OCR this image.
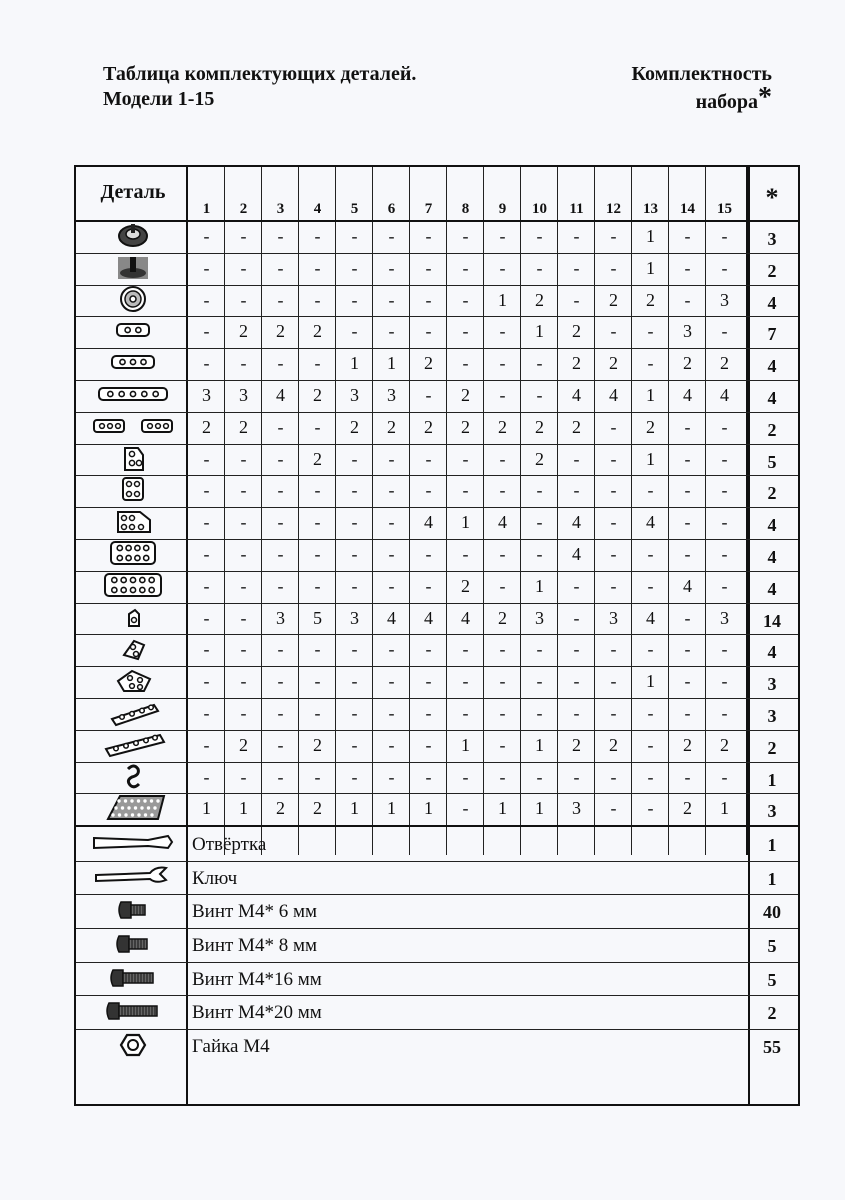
Таблица комплектующих деталей.
Модели 1-15
Комплектность
набора*
Деталь	*
1	2	3	4	5	6	7	8	9	10	11	12	13	14	15
-	-	-	-	-	-	-	-	-	-	-	-	1	-	-	3
-	-	-	-	-	-	-	-	-	-	-	-	1	-	-	2
-	-	-	-	-	-	-	-	1	2	-	2	2	-	3	4
-	2	2	2	-	-	-	-	-	1	2	-	-	3	-	7
-	-	-	-	1	1	2	-	-	-	2	2	-	2	2	4
3	3	4	2	3	3	-	2	-	-	4	4	1	4	4	4
2	2	-	-	2	2	2	2	2	2	2	-	2	-	-	2
-	-	-	2	-	-	-	-	-	2	-	-	1	-	-	5
-	-	-	-	-	-	-	-	-	-	-	-	-	-	-	2
-	-	-	-	-	-	4	1	4	-	4	-	4	-	-	4
-	-	-	-	-	-	-	-	-	-	4	-	-	-	-	4
-	-	-	-	-	-	-	2	-	1	-	-	-	4	-	4
-	-	3	5	3	4	4	4	2	3	-	3	4	-	3	14
-	-	-	-	-	-	-	-	-	-	-	-	-	-	-	4
-	-	-	-	-	-	-	-	-	-	-	-	1	-	-	3
-	-	-	-	-	-	-	-	-	-	-	-	-	-	-	3
-	2	-	2	-	-	-	1	-	1	2	2	-	2	2	2
-	-	-	-	-	-	-	-	-	-	-	-	-	-	-	1
1	1	2	2	1	1	1	-	1	1	3	-	-	2	1	3
Отвёртка	1
Ключ	1
Винт М4* 6 мм	40
Винт М4* 8 мм	5
Винт М4*16 мм	5
Винт М4*20 мм	2
Гайка М4	55
